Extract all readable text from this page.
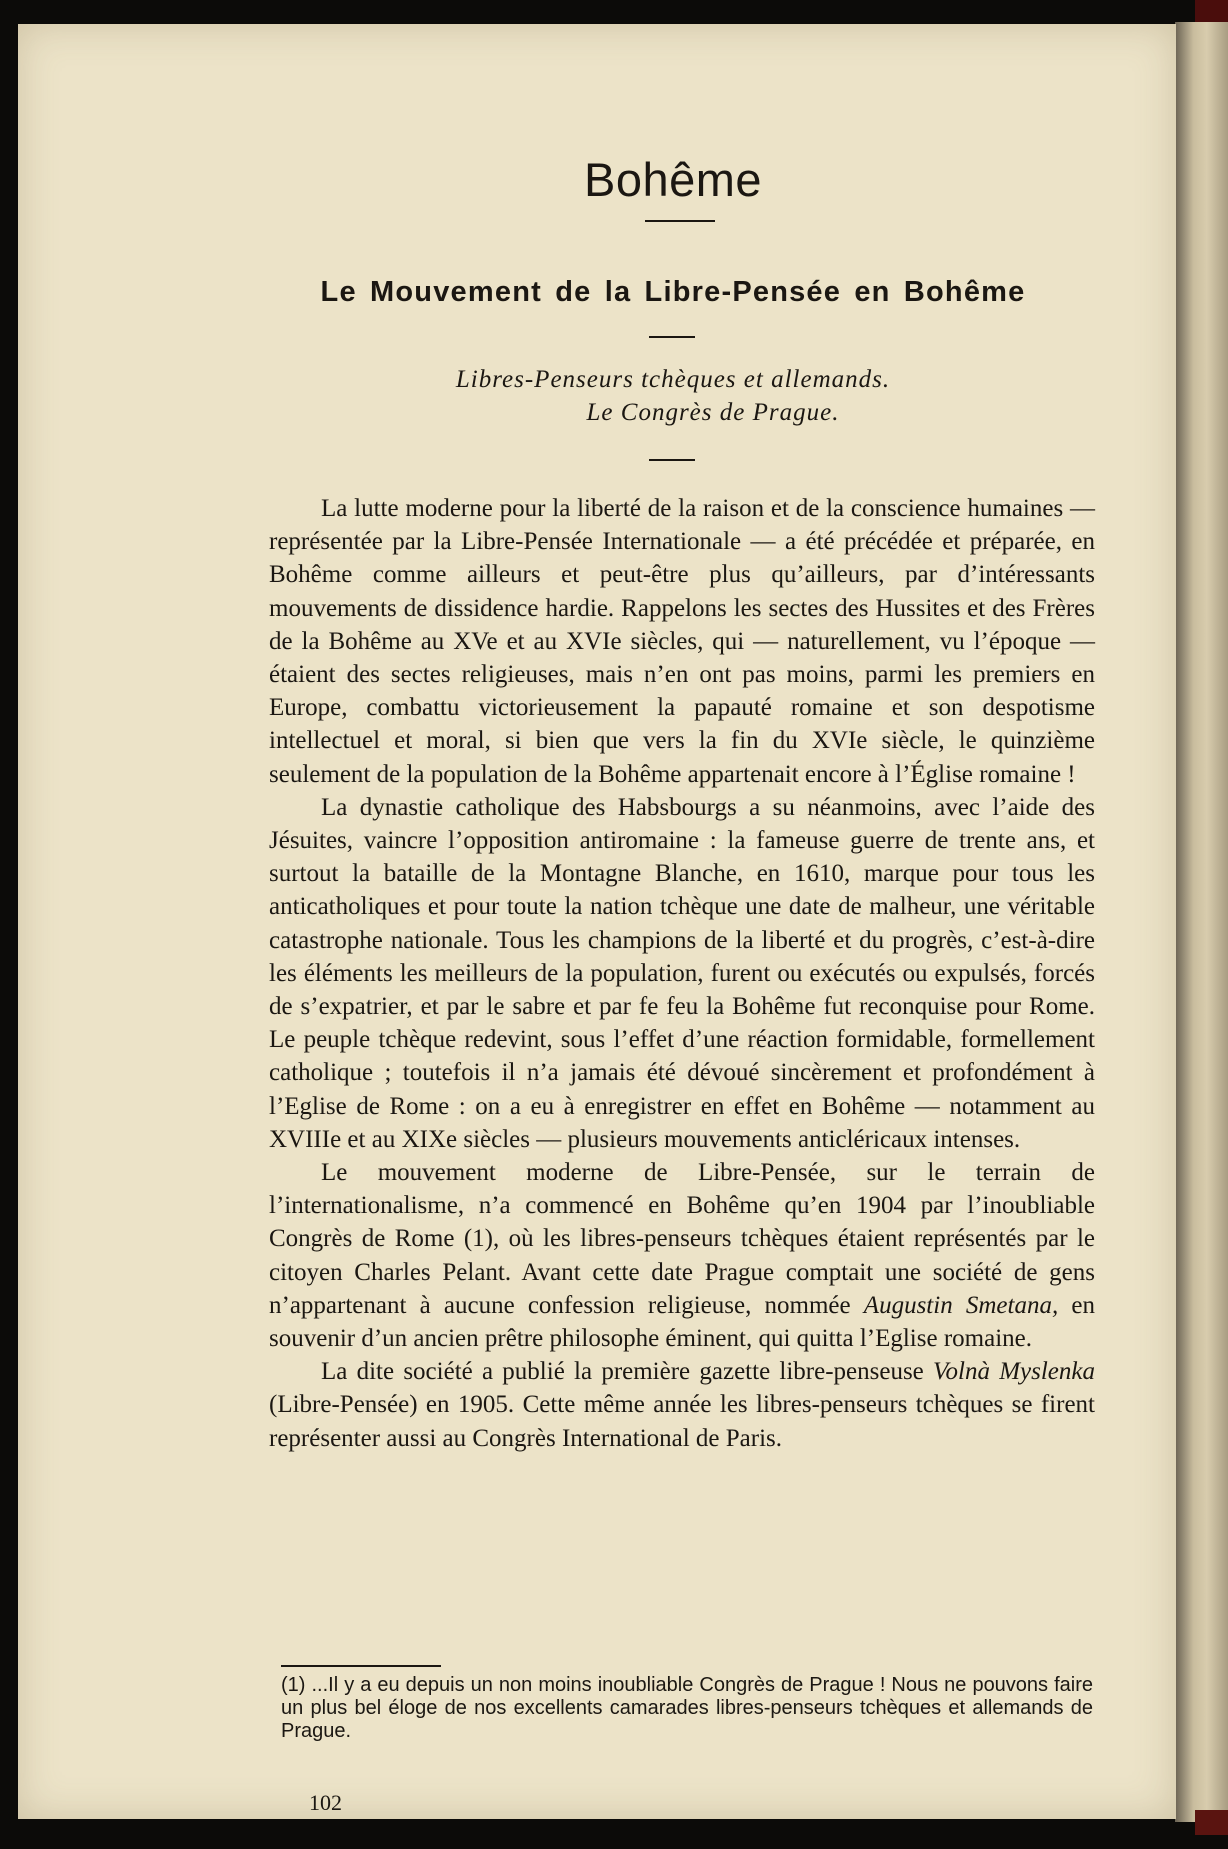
Bohême
Le Mouvement de la Libre-Pensée en Bohême
Libres-Penseurs tchèques et allemands.
Le Congrès de Prague.

La lutte moderne pour la liberté de la raison et de la conscience humaines — représentée par la Libre-Pensée Internationale — a été précédée et préparée, en Bohême comme ailleurs et peut-être plus qu’ailleurs, par d’intéressants mouvements de dissidence hardie. Rappelons les sectes des Hussites et des Frères de la Bohême au XVe et au XVIe siècles, qui — naturellement, vu l’époque — étaient des sectes religieuses, mais n’en ont pas moins, parmi les premiers en Europe, combattu victorieusement la papauté romaine et son despotisme intellectuel et moral, si bien que vers la fin du XVIe siècle, le quinzième seulement de la population de la Bohême appartenait encore à l’Église romaine !

La dynastie catholique des Habsbourgs a su néanmoins, avec l’aide des Jésuites, vaincre l’opposition antiromaine : la fameuse guerre de trente ans, et surtout la bataille de la Montagne Blanche, en 1610, marque pour tous les anticatholiques et pour toute la nation tchèque une date de malheur, une véritable catastrophe nationale. Tous les champions de la liberté et du progrès, c’est-à-dire les éléments les meilleurs de la population, furent ou exécutés ou expulsés, forcés de s’expatrier, et par le sabre et par fe feu la Bohême fut reconquise pour Rome. Le peuple tchèque redevint, sous l’effet d’une réaction formidable, formellement catholique ; toutefois il n’a jamais été dévoué sincèrement et profondément à l’Eglise de Rome : on a eu à enregistrer en effet en Bohême — notamment au XVIIIe et au XIXe siècles — plusieurs mouvements anticléricaux intenses.

Le mouvement moderne de Libre-Pensée, sur le terrain de l’internationalisme, n’a commencé en Bohême qu’en 1904 par l’inoubliable Congrès de Rome (1), où les libres-penseurs tchèques étaient représentés par le citoyen Charles Pelant. Avant cette date Prague comptait une société de gens n’appartenant à aucune confession religieuse, nommée Augustin Smetana, en souvenir d’un ancien prêtre philosophe éminent, qui quitta l’Eglise romaine.

La dite société a publié la première gazette libre-penseuse Volnà Myslenka (Libre-Pensée) en 1905. Cette même année les libres-penseurs tchèques se firent représenter aussi au Congrès International de Paris.

(1) ...Il y a eu depuis un non moins inoubliable Congrès de Prague ! Nous ne pouvons faire un plus bel éloge de nos excellents camarades libres-penseurs tchèques et allemands de Prague.
102
